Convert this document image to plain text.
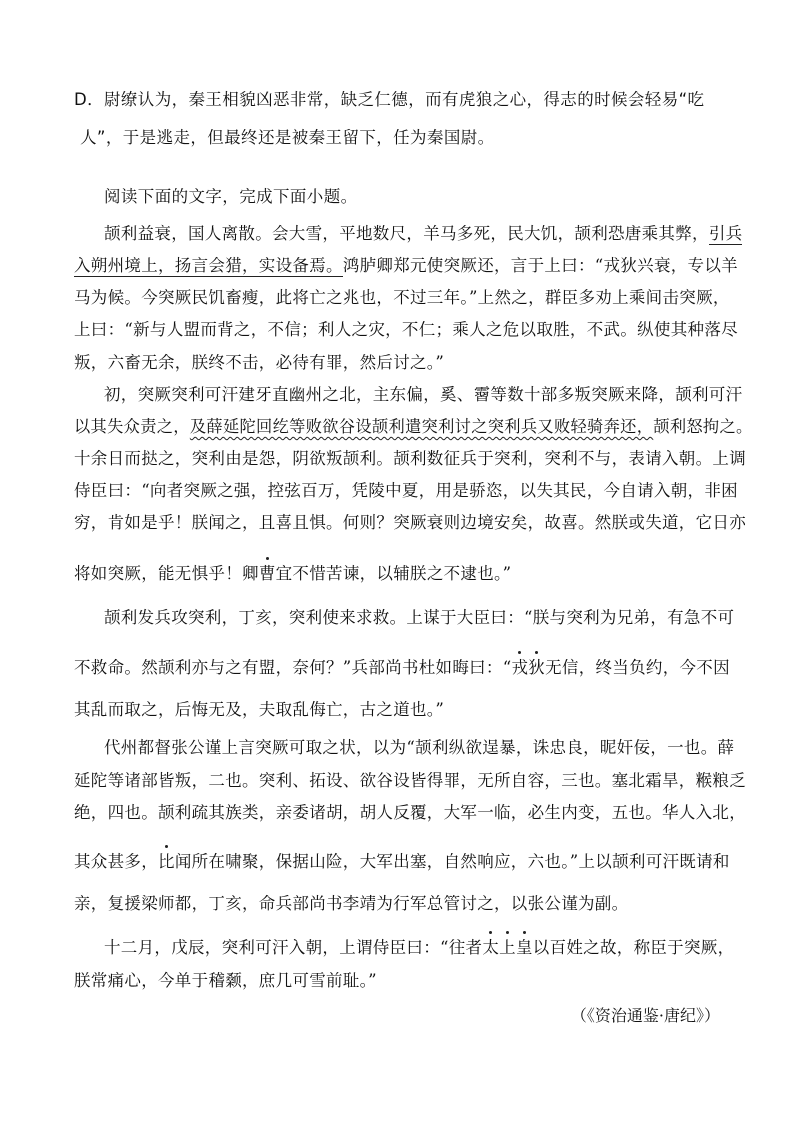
D．尉缭认为，秦王相貌凶恶非常，缺乏仁德，而有虎狼之心，得志的时候会轻易“吃
人”，于是逃走，但最终还是被秦王留下，任为秦国尉。
阅读下面的文字，完成下面小题。
颉利益衰，国人离散。会大雪，平地数尺，羊马多死，民大饥，颉利恐唐乘其弊，引兵
入朔州境上，扬言会猎，实设备焉。鸿胪卿郑元使突厥还，言于上曰：“戎狄兴衰，专以羊
马为候。今突厥民饥畜瘦，此将亡之兆也，不过三年。”上然之，群臣多劝上乘间击突厥，
上曰：“新与人盟而背之，不信；利人之灾，不仁；乘人之危以取胜，不武。纵使其种落尽
叛，六畜无余，朕终不击，必待有罪，然后讨之。”
初，突厥突利可汗建牙直幽州之北，主东偏，奚、霫等数十部多叛突厥来降，颉利可汗
以其失众责之，及薛延陀回纥等败欲谷设颉利遣突利讨之突利兵又败轻骑奔还，颉利怒拘之。
十余日而挞之，突利由是怨，阴欲叛颉利。颉利数征兵于突利，突利不与，表请入朝。上调
侍臣曰：“向者突厥之强，控弦百万，凭陵中夏，用是骄恣，以失其民，今自请入朝，非困
穷，肯如是乎！朕闻之，且喜且惧。何则？突厥衰则边境安矣，故喜。然朕或失道，它日亦
将如突厥，能无惧乎！卿曹宜不惜苦谏，以辅朕之不逮也。”
颉利发兵攻突利，丁亥，突利使来求救。上谋于大臣曰：“朕与突利为兄弟，有急不可
不救命。然颉利亦与之有盟，奈何？”兵部尚书杜如晦曰：“戎狄无信，终当负约，今不因
其乱而取之，后悔无及，夫取乱侮亡，古之道也。”
代州都督张公谨上言突厥可取之状，以为“颉利纵欲逞暴，诛忠良，昵奸佞，一也。薛
延陀等诸部皆叛，二也。突利、拓设、欲谷设皆得罪，无所自容，三也。塞北霜旱，糇粮乏
绝，四也。颉利疏其族类，亲委诸胡，胡人反覆，大军一临，必生内变，五也。华人入北，
其众甚多，比闻所在啸聚，保据山险，大军出塞，自然响应，六也。”上以颉利可汗既请和
亲，复援梁师都，丁亥，命兵部尚书李靖为行军总管讨之，以张公谨为副。
十二月，戊辰，突利可汗入朝，上谓侍臣曰：“往者太上皇以百姓之故，称臣于突厥，
朕常痛心，今单于稽颡，庶几可雪前耻。”
（《资治通鉴·唐纪》）
